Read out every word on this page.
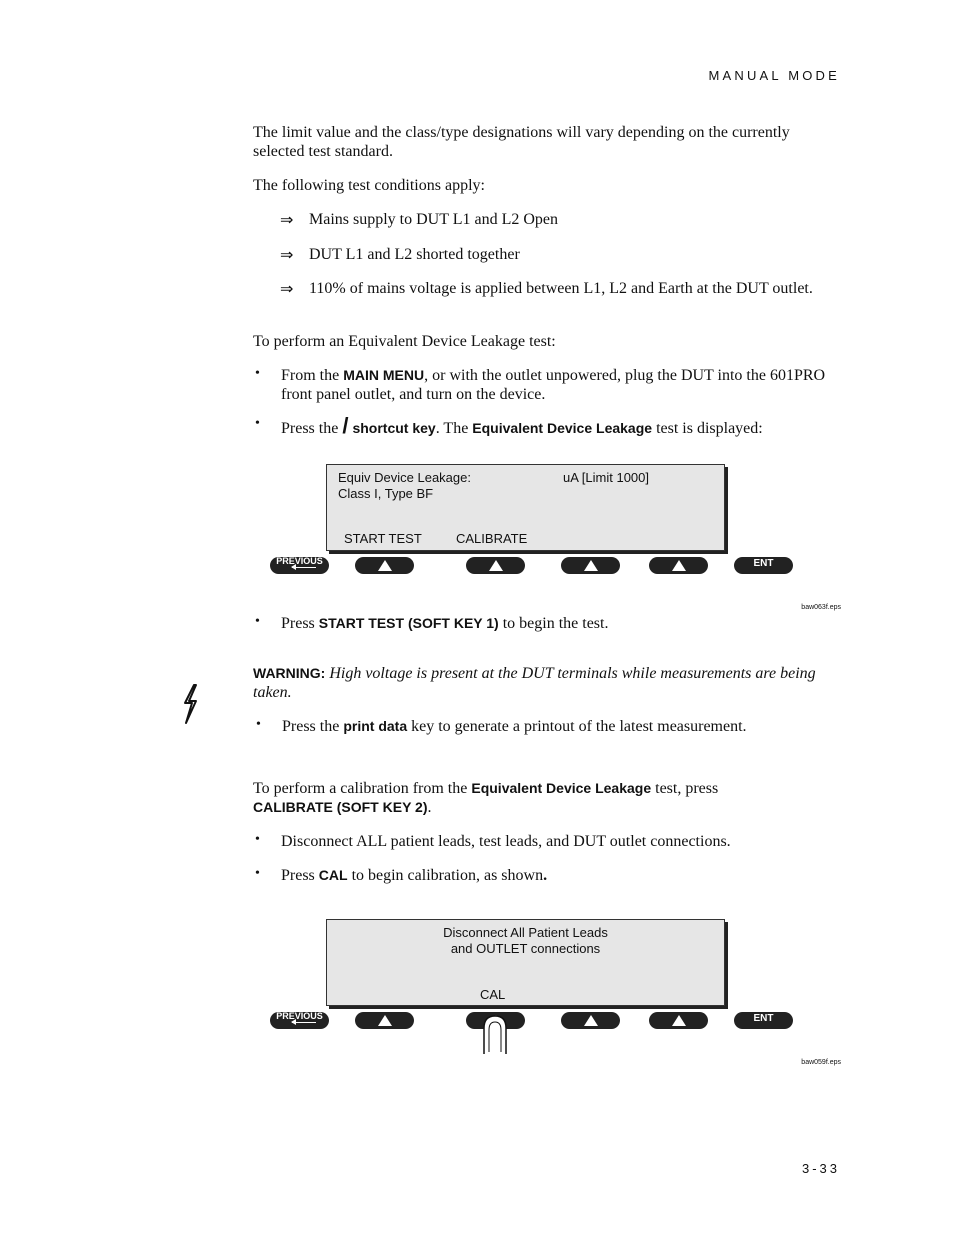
MANUAL MODE
The limit value and the class/type designations will vary depending on the currently selected test standard.
The following test conditions apply:
⇒ Mains supply to DUT L1 and L2 Open
⇒ DUT L1 and L2 shorted together
⇒ 110% of mains voltage is applied between L1, L2 and Earth at the DUT outlet.
To perform an Equivalent Device Leakage test:
• From the MAIN MENU, or with the outlet unpowered, plug the DUT into the 601PRO front panel outlet, and turn on the device.
• Press the / shortcut key. The Equivalent Device Leakage test is displayed:
Equiv Device Leakage:	uA [Limit 1000]
Class I, Type BF
START TEST	CALIBRATE
PREVIOUS	ENT
baw063f.eps
• Press START TEST (SOFT KEY 1) to begin the test.
WARNING: High voltage is present at the DUT terminals while measurements are being taken.
• Press the print data key to generate a printout of the latest measurement.
To perform a calibration from the Equivalent Device Leakage test, press
CALIBRATE (SOFT KEY 2).
• Disconnect ALL patient leads, test leads, and DUT outlet connections.
• Press CAL to begin calibration, as shown.
Disconnect All Patient Leads
and OUTLET connections
CAL
PREVIOUS	ENT
baw059f.eps
3-33
